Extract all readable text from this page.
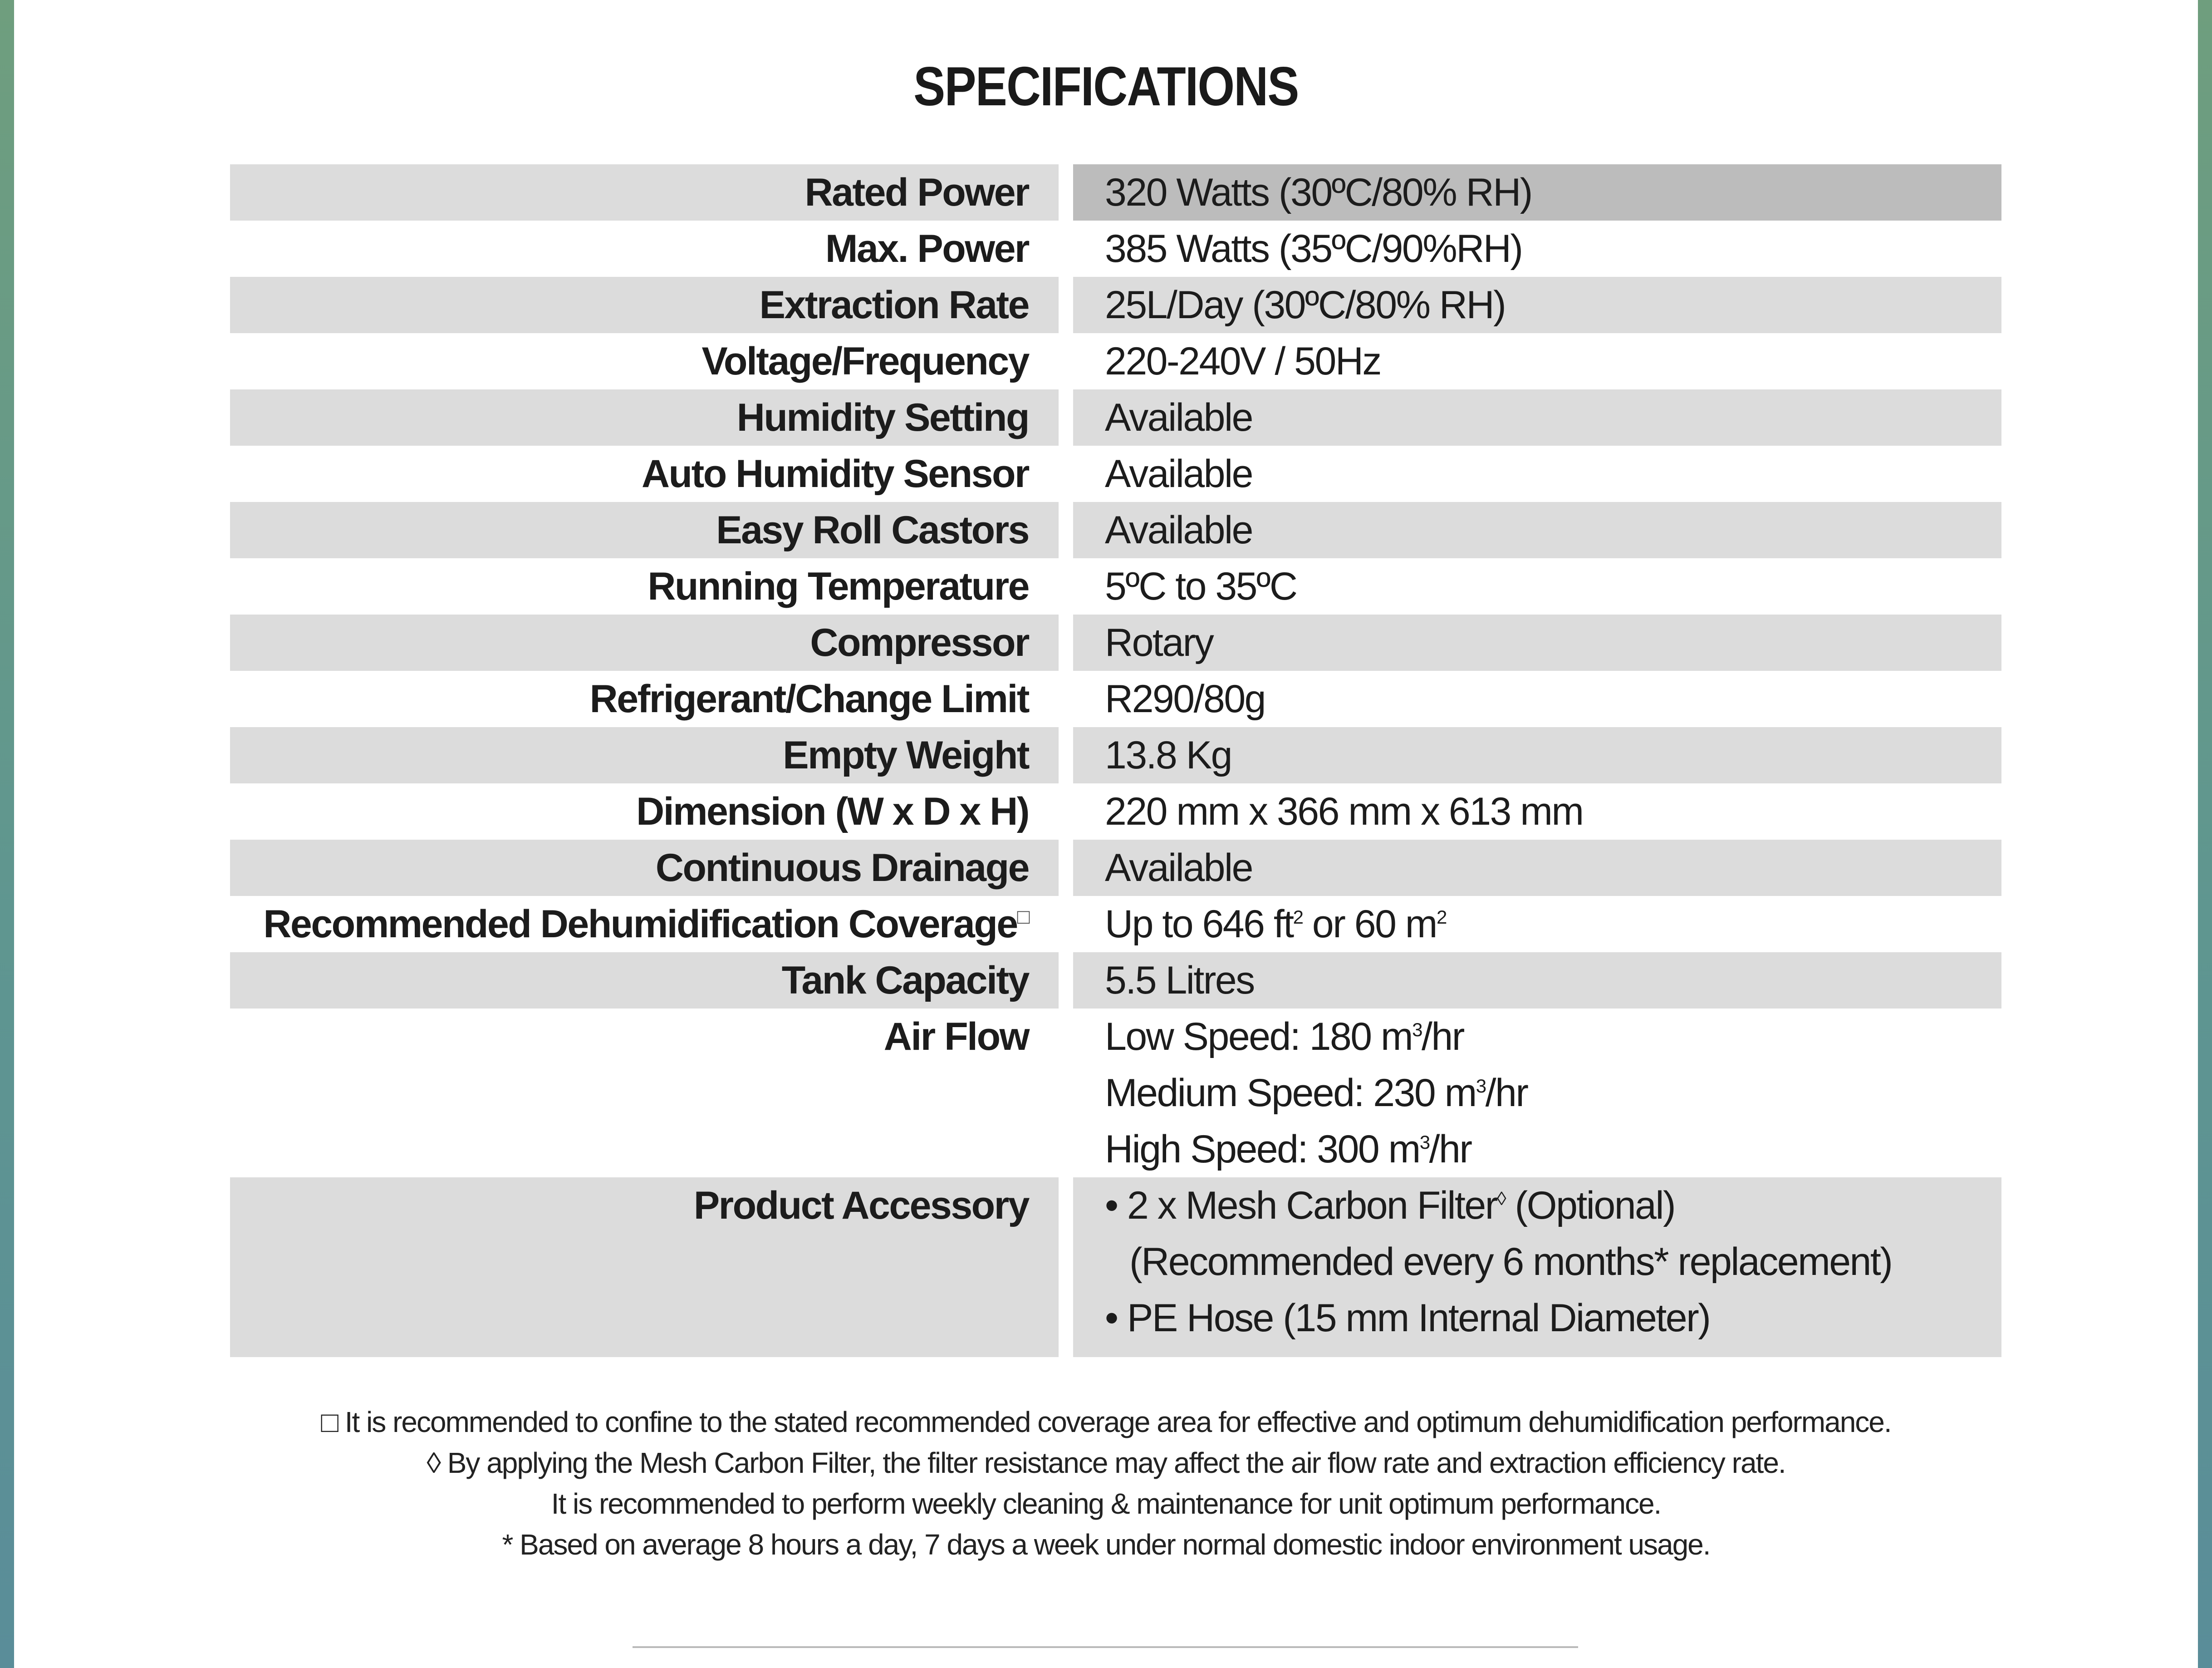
SPECIFICATIONS
Rated Power 320 Watts (30ºC/80% RH)
Max. Power 385 Watts (35ºC/90%RH)
Extraction Rate 25L/Day (30ºC/80% RH)
Voltage/Frequency 220-240V / 50Hz
Humidity Setting Available
Auto Humidity Sensor Available
Easy Roll Castors Available
Running Temperature 5ºC to 35ºC
Compressor Rotary
Refrigerant/Change Limit R290/80g
Empty Weight 13.8 Kg
Dimension (W x D x H) 220 mm x 366 mm x 613 mm
Continuous Drainage Available
Recommended Dehumidification Coverage□ Up to 646 $ft^2$ or 60 $m^2$
Tank Capacity 5.5 Litres
Air Flow Low Speed: 180 $m^3/hr$
Medium Speed: 230 $m^3/hr$
High Speed: 300 $m^3/hr$
Product Accessory • 2 x Mesh Carbon Filter◊ (Optional)
(Recommended every 6 months* replacement)
• PE Hose (15 mm Internal Diameter)
□ It is recommended to confine to the stated recommended coverage area for effective and optimum dehumidification performance.
◊ By applying the Mesh Carbon Filter, the filter resistance may affect the air flow rate and extraction efficiency rate.
It is recommended to perform weekly cleaning & maintenance for unit optimum performance.
* Based on average 8 hours a day, 7 days a week under normal domestic indoor environment usage.
